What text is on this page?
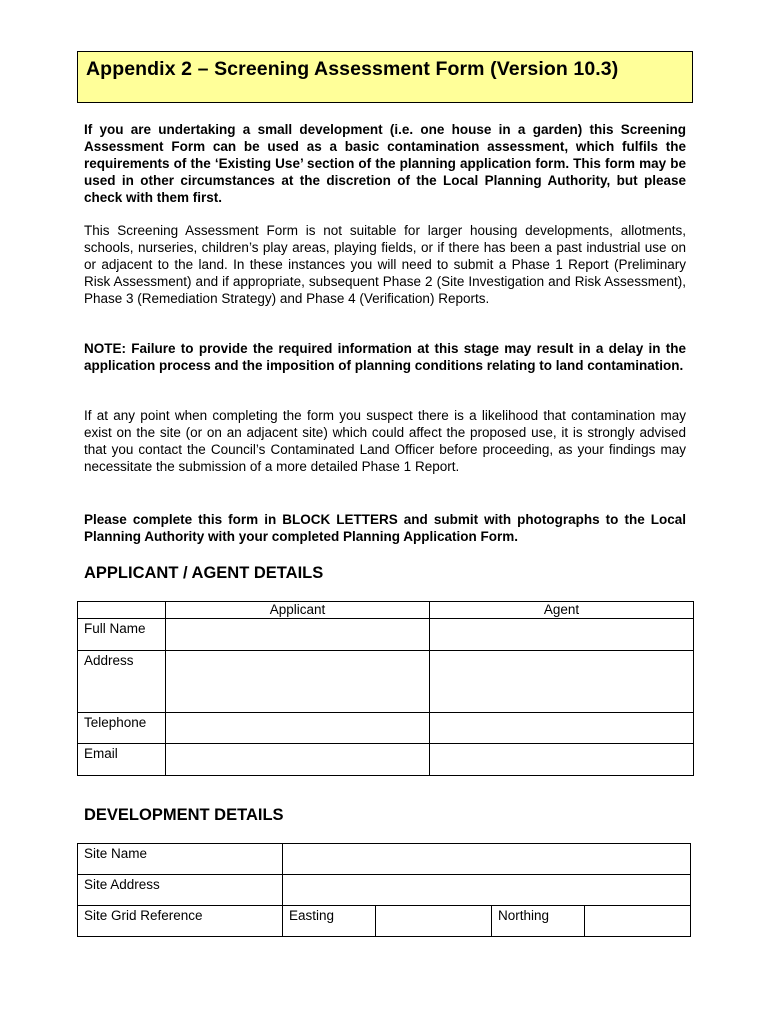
Appendix 2 – Screening Assessment Form (Version 10.3)

If you are undertaking a small development (i.e. one house in a garden) this Screening Assessment Form can be used as a basic contamination assessment, which fulfils the requirements of the ‘Existing Use’ section of the planning application form. This form may be used in other circumstances at the discretion of the Local Planning Authority, but please check with them first.

This Screening Assessment Form is not suitable for larger housing developments, allotments, schools, nurseries, children’s play areas, playing fields, or if there has been a past industrial use on or adjacent to the land. In these instances you will need to submit a Phase 1 Report (Preliminary Risk Assessment) and if appropriate, subsequent Phase 2 (Site Investigation and Risk Assessment), Phase 3 (Remediation Strategy) and Phase 4 (Verification) Reports.

NOTE: Failure to provide the required information at this stage may result in a delay in the application process and the imposition of planning conditions relating to land contamination.

If at any point when completing the form you suspect there is a likelihood that contamination may exist on the site (or on an adjacent site) which could affect the proposed use, it is strongly advised that you contact the Council’s Contaminated Land Officer before proceeding, as your findings may necessitate the submission of a more detailed Phase 1 Report.

Please complete this form in BLOCK LETTERS and submit with photographs to the Local Planning Authority with your completed Planning Application Form.

APPLICANT / AGENT DETAILS
	Applicant	Agent
Full Name		
Address		
Telephone		
Email		
DEVELOPMENT DETAILS
Site Name				
Site Address				
Site Grid Reference	Easting		Northing	
